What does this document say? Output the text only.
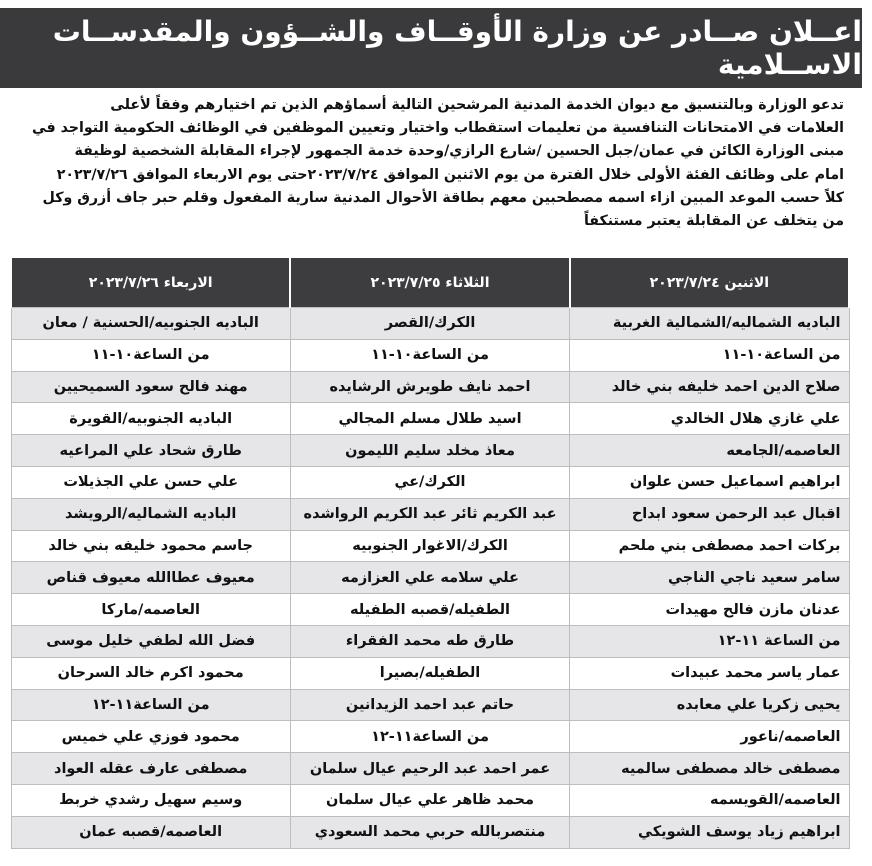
اعــلان صــادر عن وزارة الأوقــاف والشــؤون والمقدســات الاســلامية

تدعو الوزارة وبالتنسيق مع ديوان الخدمة المدنية المرشحين التالية أسماؤهم الذين تم اختيارهم وفقاً لأعلى

العلامات في الامتحانات التنافسية من تعليمات استقطاب واختيار وتعيين الموظفين في الوظائف الحكومية التواجد في

مبنى الوزارة الكائن في عمان/جبل الحسين /شارع الرازي/وحدة خدمة الجمهور لإجراء المقابلة الشخصية لوظيفة

امام على وظائف الفئة الأولى خلال الفترة من يوم الاثنين الموافق ٢٠٢٣/٧/٢٤حتى يوم الاربعاء الموافق ٢٠٢٣/٧/٢٦

كلاً حسب الموعد المبين ازاء اسمه مصطحبين معهم بطاقة الأحوال المدنية سارية المفعول وقلم حبر جاف أزرق وكل

من يتخلف عن المقابلة يعتبر مستنكفاً

الاثنين ٢٠٢٣/٧/٢٤	الثلاثاء ٢٠٢٣/٧/٢٥	الاربعاء ٢٠٢٣/٧/٢٦
الباديه الشماليه/الشمالية الغربية	الكرك/القصر	الباديه الجنوبيه/الحسنية / معان
من الساعة١٠-١١	من الساعة١٠-١١	من الساعة١٠-١١
صلاح الدين احمد خليفه بني خالد	احمد نايف طويرش الرشايده	مهند فالح سعود السميحيين
علي غازي هلال الخالدي	اسيد طلال مسلم المجالي	الباديه الجنوبيه/القويرة
العاصمه/الجامعه	معاذ مخلد سليم الليمون	طارق شحاد علي المراعيه
ابراهيم اسماعيل حسن علوان	الكرك/عي	علي حسن علي الجذيلات
اقبال عبد الرحمن سعود ابداح	عبد الكريم ثائر عبد الكريم الرواشده	الباديه الشماليه/الرويشد
بركات احمد مصطفى بني ملحم	الكرك/الاغوار الجنوبيه	جاسم محمود خليفه بني خالد
سامر سعيد ناجي الناجي	علي سلامه علي العزازمه	معيوف عطاالله معيوف قناص
عدنان مازن فالح مهيدات	الطفيله/قصبه الطفيله	العاصمه/ماركا
من الساعة ١١-١٢	طارق طه محمد الفقراء	فضل الله لطفي خليل موسى
عمار ياسر محمد عبيدات	الطفيله/بصيرا	محمود اكرم خالد السرحان
يحيى زكريا علي معابده	حاتم عبد احمد الزيدانين	من الساعة١١-١٢
العاصمه/ناعور	من الساعة١١-١٢	محمود فوزي علي خميس
مصطفى خالد مصطفى سالميه	عمر احمد عبد الرحيم عيال سلمان	مصطفى عارف عقله العواد
العاصمه/القويسمه	محمد ظاهر علي عيال سلمان	وسيم سهيل رشدي خربط
ابراهيم زياد يوسف الشويكي	منتصربالله حربي محمد السعودي	العاصمه/قصبه عمان
